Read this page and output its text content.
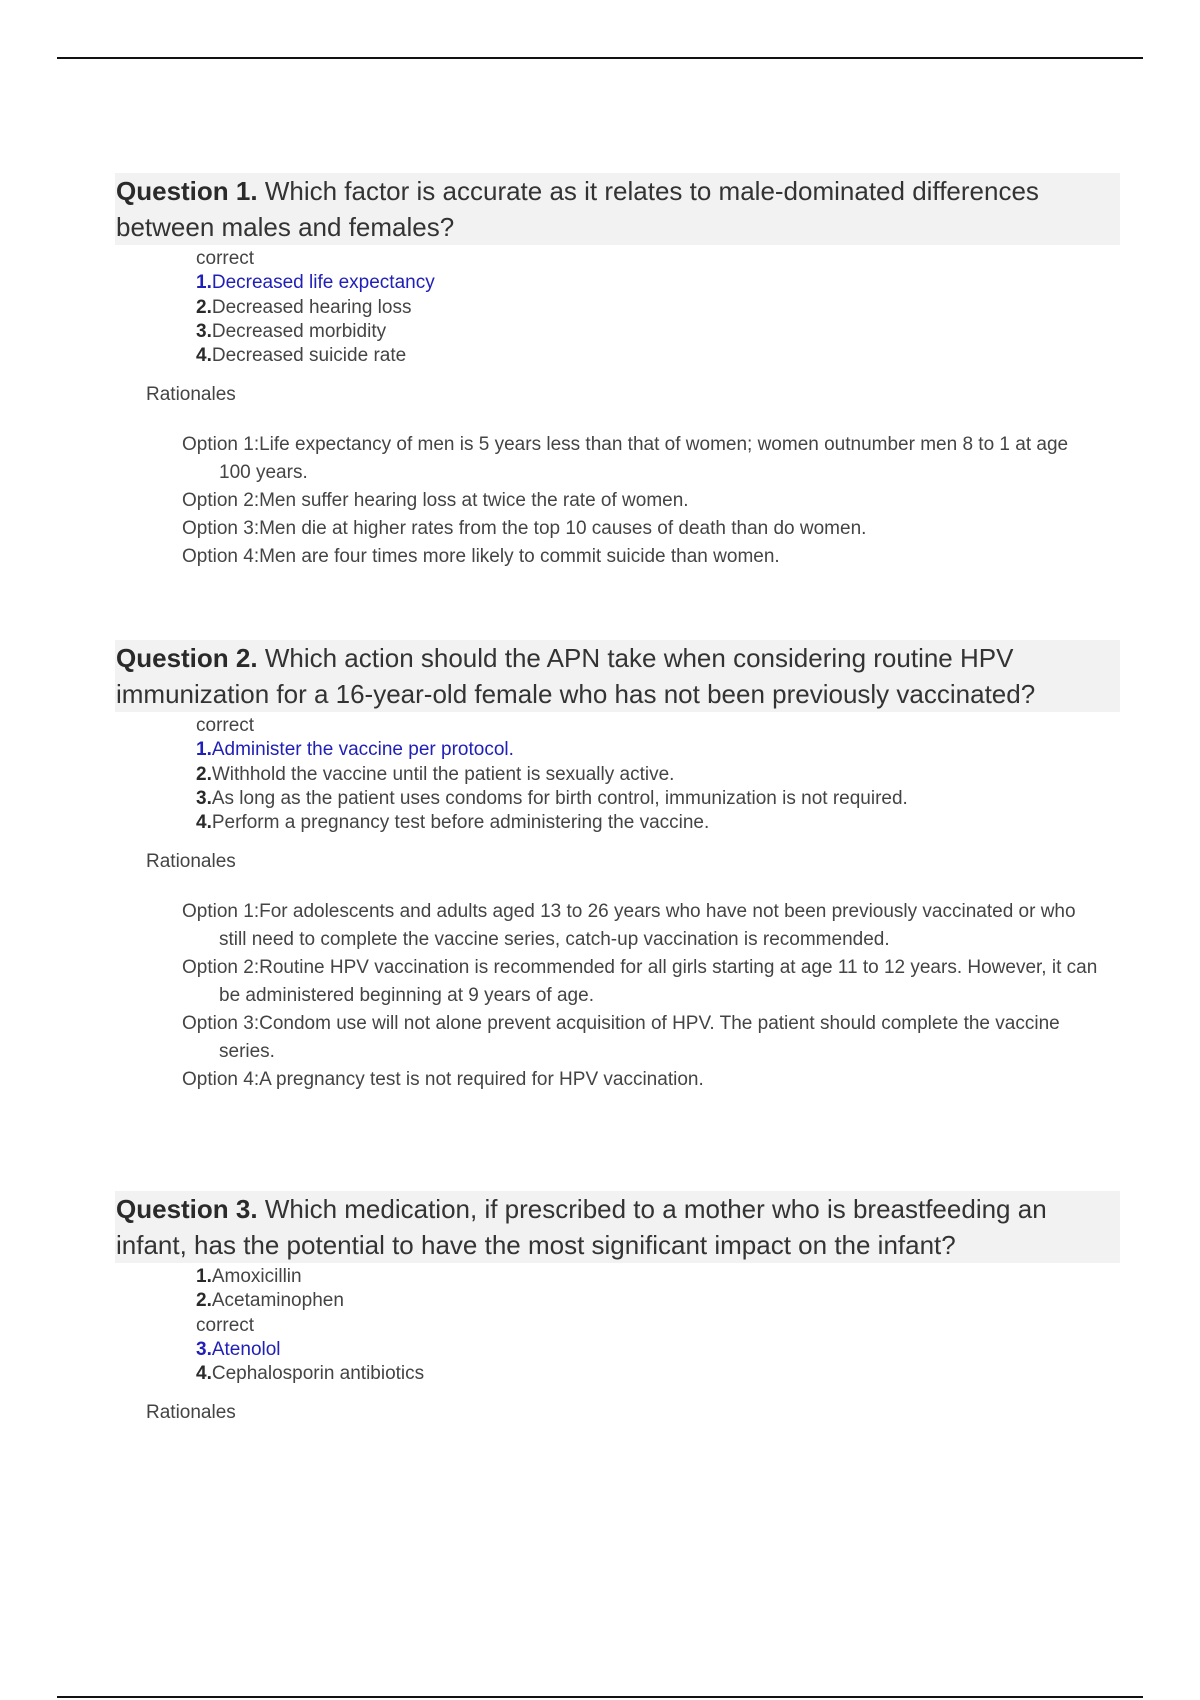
Question 1. Which factor is accurate as it relates to male-dominated differences between males and females?

correct
1.Decreased life expectancy
2.Decreased hearing loss
3.Decreased morbidity
4.Decreased suicide rate
Rationales
Option 1:Life expectancy of men is 5 years less than that of women; women outnumber men 8 to 1 at age 100 years.
Option 2:Men suffer hearing loss at twice the rate of women.
Option 3:Men die at higher rates from the top 10 causes of death than do women.
Option 4:Men are four times more likely to commit suicide than women.

Question 2. Which action should the APN take when considering routine HPV immunization for a 16-year-old female who has not been previously vaccinated?

correct
1.Administer the vaccine per protocol.
2.Withhold the vaccine until the patient is sexually active.
3.As long as the patient uses condoms for birth control, immunization is not required.
4.Perform a pregnancy test before administering the vaccine.
Rationales
Option 1:For adolescents and adults aged 13 to 26 years who have not been previously vaccinated or who still need to complete the vaccine series, catch-up vaccination is recommended.
Option 2:Routine HPV vaccination is recommended for all girls starting at age 11 to 12 years. However, it can be administered beginning at 9 years of age.
Option 3:Condom use will not alone prevent acquisition of HPV. The patient should complete the vaccine series.
Option 4:A pregnancy test is not required for HPV vaccination.

Question 3. Which medication, if prescribed to a mother who is breastfeeding an infant, has the potential to have the most significant impact on the infant?

1.Amoxicillin
2.Acetaminophen
correct
3.Atenolol
4.Cephalosporin antibiotics
Rationales
